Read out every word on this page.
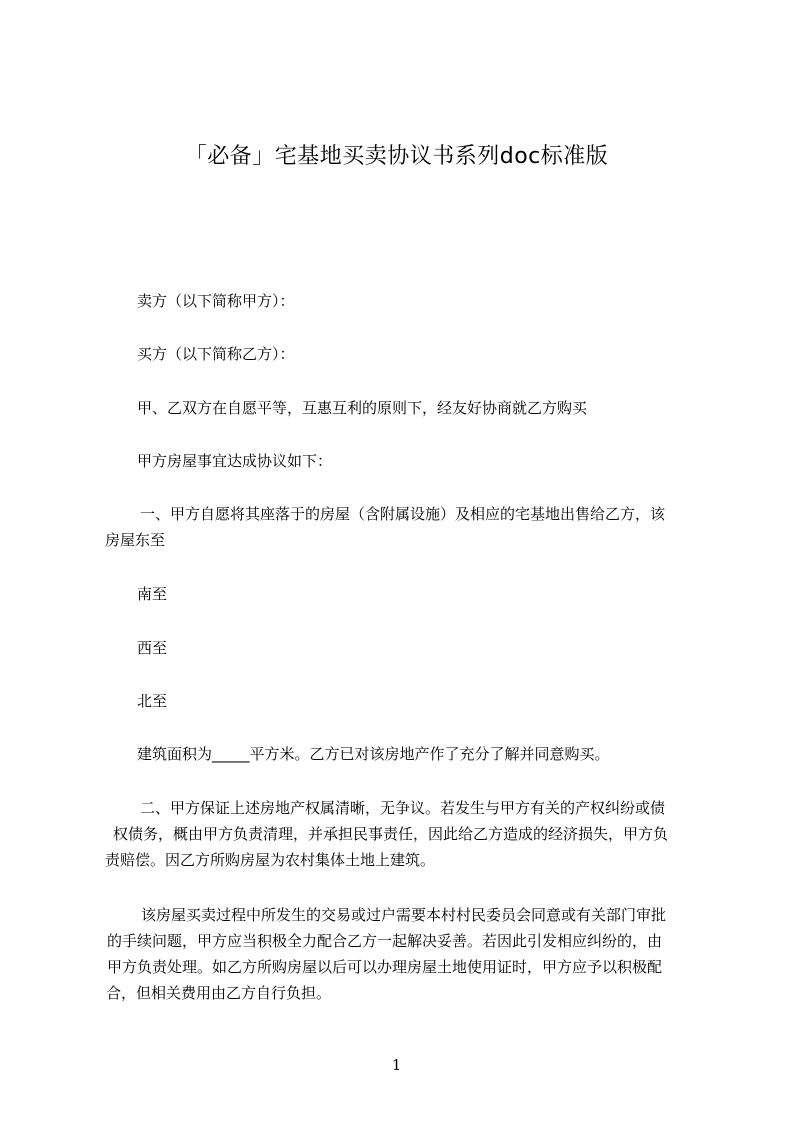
「必备」宅基地买卖协议书系列doc标准版
卖方（以下简称甲方）：
买方（以下简称乙方）：
甲、乙双方在自愿平等，互惠互利的原则下，经友好协商就乙方购买
甲方房屋事宜达成协议如下：
一、甲方自愿将其座落于的房屋（含附属设施）及相应的宅基地出售给乙方，该
房屋东至
南至
西至
北至
建筑面积为_____平方米。乙方已对该房地产作了充分了解并同意购买。
二、甲方保证上述房地产权属清晰，无争议。若发生与甲方有关的产权纠纷或债
权债务，概由甲方负责清理，并承担民事责任，因此给乙方造成的经济损失，甲方负
责赔偿。因乙方所购房屋为农村集体土地上建筑。
该房屋买卖过程中所发生的交易或过户需要本村村民委员会同意或有关部门审批
的手续问题，甲方应当积极全力配合乙方一起解决妥善。若因此引发相应纠纷的，由
甲方负责处理。如乙方所购房屋以后可以办理房屋土地使用证时，甲方应予以积极配
合，但相关费用由乙方自行负担。
1
